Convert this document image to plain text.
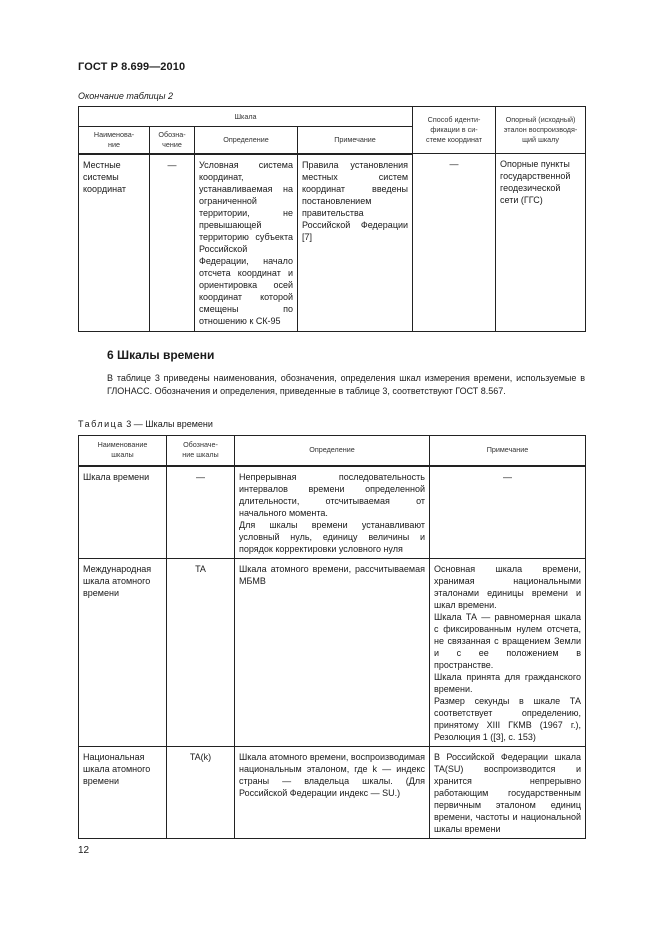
ГОСТ Р 8.699—2010
Окончание таблицы 2
Шкала				Способ иденти-
фикации в си-
стеме координат	Опорный (исходный)
эталон воспроизводя-
щий шкалу
Наименова-
ние	Обозна-
чение	Определение	Примечание		
Местные системы координат	—	Условная система координат, устанавливаемая на ограниченной территории, не превышающей территорию субъекта Российской Федерации, начало отсчета координат и ориентировка осей координат которой смещены по отношению к СК-95	Правила установления местных систем координат введены постановлением правительства Российской Федерации [7]	—	Опорные пункты государственной геодезической сети (ГГС)
6 Шкалы времени
В таблице 3 приведены наименования, обозначения, определения шкал измерения времени, используемые в ГЛОНАСС. Обозначения и определения, приведенные в таблице 3, соответствуют ГОСТ 8.567.
Таблица 3 — Шкалы времени
Наименование
шкалы	Обозначе-
ние шкалы	Определение	Примечание
Шкала времени	—	Непрерывная последовательность интервалов времени определенной длительности, отсчитываемая от начального момента.
Для шкалы времени устанавливают условный нуль, единицу величины и порядок корректировки условного нуля	—
Международная шкала атомного времени	TA	Шкала атомного времени, рассчитываемая МБМВ	Основная шкала времени, хранимая национальными эталонами единицы времени и шкал времени.
Шкала ТА — равномерная шкала с фиксированным нулем отсчета, не связанная с вращением Земли и с ее положением в пространстве.
Шкала принята для гражданского времени.
Размер секунды в шкале ТА соответствует определению, принятому XIII ГКМВ (1967 г.), Резолюция 1 ([3], с. 153)

Национальная шкала атомного времени	TA(k)	Шкала атомного времени, воспроизводимая национальным эталоном, где k — индекс страны — владельца шкалы. (Для Российской Федерации индекс — SU.)	В Российской Федерации шкала TA(SU) воспроизводится и хранится непрерывно работающим государственным первичным эталоном единиц времени, частоты и национальной шкалы времени
12
